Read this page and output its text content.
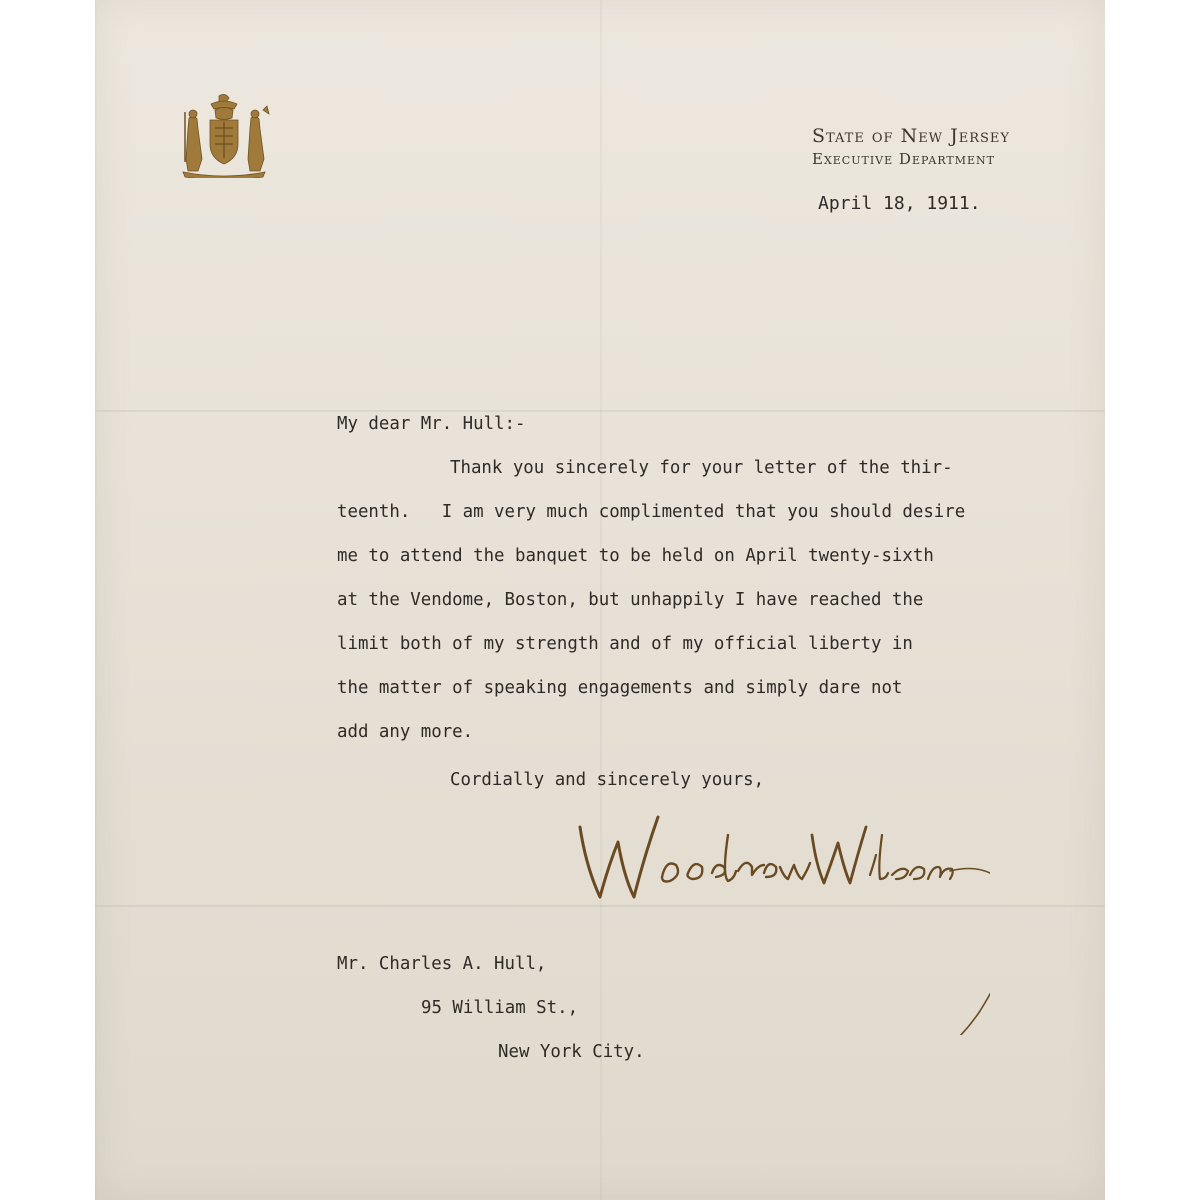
State of New Jersey
Executive Department
April 18, 1911.
My dear Mr. Hull:-
Thank you sincerely for your letter of the thir-
teenth.   I am very much complimented that you should desire
me to attend the banquet to be held on April twenty-sixth
at the Vendome, Boston, but unhappily I have reached the
limit both of my strength and of my official liberty in
the matter of speaking engagements and simply dare not
add any more.
Cordially and sincerely yours,
Mr. Charles A. Hull,
95 William St.,
New York City.
